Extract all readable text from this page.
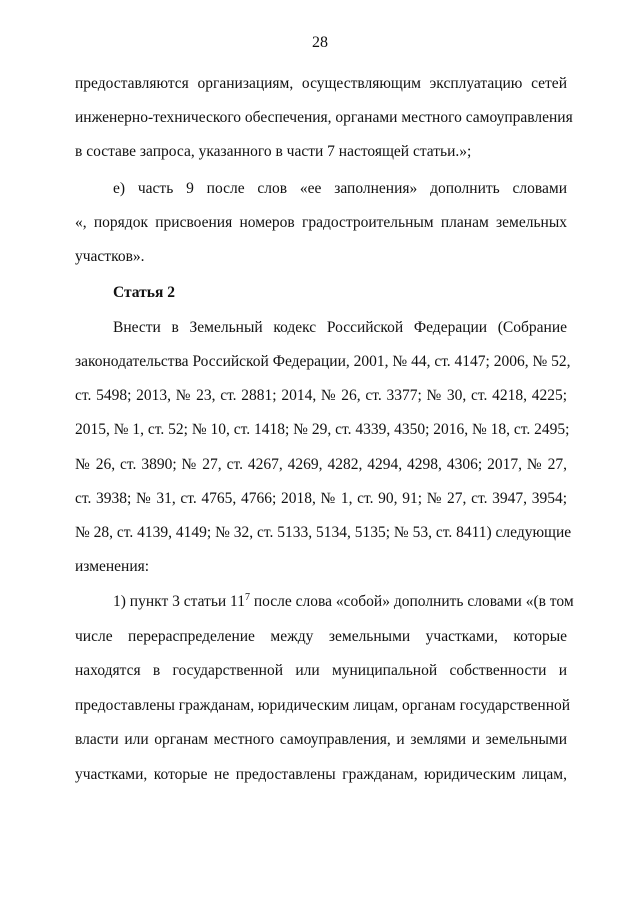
28
предоставляются организациям, осуществляющим эксплуатацию сетей
инженерно-технического обеспечения, органами местного самоуправления
в составе запроса, указанного в части 7 настоящей статьи.»;
е) часть 9 после слов «ее заполнения» дополнить словами
«, порядок присвоения номеров градостроительным планам земельных
участков».
Статья 2
Внести в Земельный кодекс Российской Федерации (Собрание
законодательства Российской Федерации, 2001, № 44, ст. 4147; 2006, № 52,
ст. 5498; 2013, № 23, ст. 2881; 2014, № 26, ст. 3377; № 30, ст. 4218, 4225;
2015, № 1, ст. 52; № 10, ст. 1418; № 29, ст. 4339, 4350; 2016, № 18, ст. 2495;
№ 26, ст. 3890; № 27, ст. 4267, 4269, 4282, 4294, 4298, 4306; 2017, № 27,
ст. 3938; № 31, ст. 4765, 4766; 2018, № 1, ст. 90, 91; № 27, ст. 3947, 3954;
№ 28, ст. 4139, 4149; № 32, ст. 5133, 5134, 5135; № 53, ст. 8411) следующие
изменения:
1) пункт 3 статьи $11^7$ после слова «собой» дополнить словами «(в том
числе перераспределение между земельными участками, которые
находятся в государственной или муниципальной собственности и
предоставлены гражданам, юридическим лицам, органам государственной
власти или органам местного самоуправления, и землями и земельными
участками, которые не предоставлены гражданам, юридическим лицам,
